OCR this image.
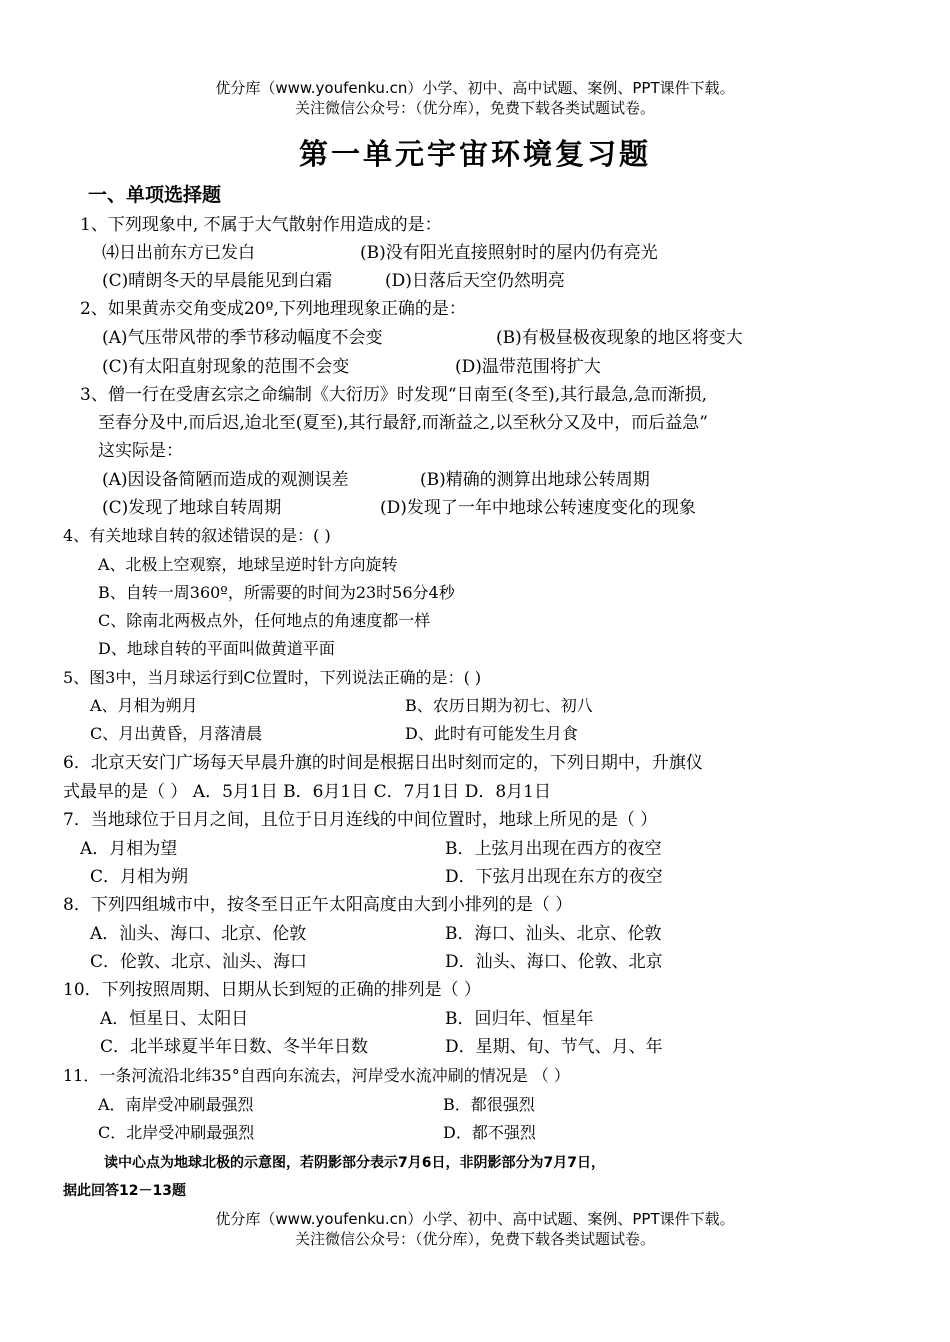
优分库（www.youfenku.cn）小学、初中、高中试题、案例、PPT课件下载。
关注微信公众号：（优分库），免费下载各类试题试卷。
第一单元宇宙环境复习题
一、单项选择题
1、下列现象中, 不属于大气散射作用造成的是：
⑷日出前东方已发白	(B)没有阳光直接照射时的屋内仍有亮光
(C)晴朗冬天的早晨能见到白霜	(D)日落后天空仍然明亮
2、如果黄赤交角变成20º,下列地理现象正确的是：
(A)气压带风带的季节移动幅度不会变	(B)有极昼极夜现象的地区将变大
(C)有太阳直射现象的范围不会变	(D)温带范围将扩大
3、僧一行在受唐玄宗之命编制《大衍历》时发现“日南至(冬至),其行最急,急而渐损,
至春分及中,而后迟,迨北至(夏至),其行最舒,而渐益之,以至秋分又及中，而后益急”
这实际是：
(A)因设备简陋而造成的观测误差	(B)精确的测算出地球公转周期
(C)发现了地球自转周期	(D)发现了一年中地球公转速度变化的现象
4、有关地球自转的叙述错误的是：( )
A、北极上空观察，地球呈逆时针方向旋转
B、自转一周360º，所需要的时间为23时56分4秒
C、除南北两极点外，任何地点的角速度都一样
D、地球自转的平面叫做黄道平面
5、图3中，当月球运行到C位置时，下列说法正确的是：( )
A、月相为朔月	B、农历日期为初七、初八
C、月出黄昏，月落清晨	D、此时有可能发生月食
6．北京天安门广场每天早晨升旗的时间是根据日出时刻而定的，下列日期中，升旗仪
式最早的是（ ） A．5月1日 B．6月1日 C．7月1日 D．8月1日
7．当地球位于日月之间，且位于日月连线的中间位置时，地球上所见的是（ ）
A．月相为望	B．上弦月出现在西方的夜空
C．月相为朔	D．下弦月出现在东方的夜空
8．下列四组城市中，按冬至日正午太阳高度由大到小排列的是（ ）
A．汕头、海口、北京、伦敦	B．海口、汕头、北京、伦敦
C．伦敦、北京、汕头、海口	D．汕头、海口、伦敦、北京
10．下列按照周期、日期从长到短的正确的排列是（ ）
A．恒星日、太阳日	B．回归年、恒星年
C．北半球夏半年日数、冬半年日数	D．星期、旬、节气、月、年
11．一条河流沿北纬35°自西向东流去，河岸受水流冲刷的情况是 （ ）
A．南岸受冲刷最强烈	B．都很强烈
C．北岸受冲刷最强烈	D．都不强烈
读中心点为地球北极的示意图，若阴影部分表示7月6日，非阴影部分为7月7日，
据此回答12－13题
优分库（www.youfenku.cn）小学、初中、高中试题、案例、PPT课件下载。
关注微信公众号：（优分库），免费下载各类试题试卷。
